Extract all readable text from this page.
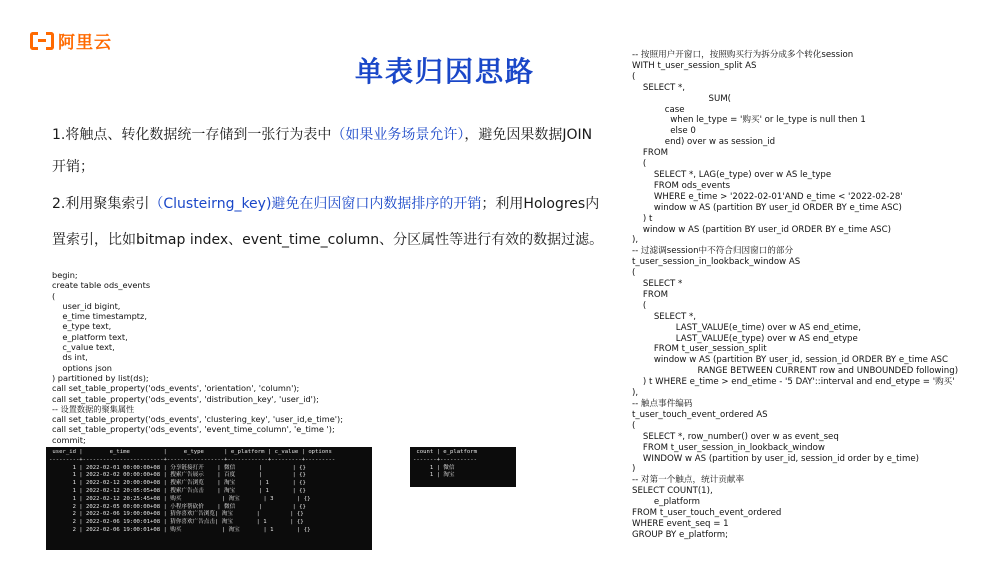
阿里云
单表归因思路
1.将触点、转化数据统一存储到一张行为表中（如果业务场景允许），避免因果数据JOIN
开销；
2.利用聚集索引（Clusteirng_key)避免在归因窗口内数据排序的开销；利用Hologres内
置索引，比如bitmap index、event_time_column、分区属性等进行有效的数据过滤。
begin;
create table ods_events
(
user_id bigint,
e_time timestamptz,
e_type text,
e_platform text,
c_value text,
ds int,
options json
) partitioned by list(ds);
call set_table_property('ods_events', 'orientation', 'column');
call set_table_property('ods_events', 'distribution_key', 'user_id');
-- 设置数据的聚集属性
call set_table_property('ods_events', 'clustering_key', 'user_id,e_time');
call set_table_property('ods_events', 'event_time_column', 'e_time ');
commit;
user_id |        e_time          |     e_type      | e_platform | c_value | options
---------+------------------------+-----------------+------------+---------+---------
1 | 2022-02-01 00:00:00+08 | 分享链接打开    | 微信       |         | {}
1 | 2022-02-02 00:00:00+08 | 搜索广告展示    | 百度       |         | {}
1 | 2022-02-12 20:00:00+08 | 搜索广告浏览    | 淘宝       | 1       | {}
1 | 2022-02-12 20:05:05+08 | 搜索广告点击    | 淘宝       | 1       | {}
1 | 2022-02-12 20:25:45+08 | 购买            | 淘宝       | 3       | {}
2 | 2022-02-05 00:00:00+08 | 小程序帮砍价    | 微信       |         | {}
2 | 2022-02-06 19:00:00+08 | 猜你喜欢广告浏览| 淘宝       |         | {}
2 | 2022-02-06 19:00:01+08 | 猜你喜欢广告点击| 淘宝       | 1       | {}
2 | 2022-02-06 19:00:01+08 | 购买            | 淘宝       | 1       | {}
count | e_platform
-------+-----------
1 | 微信
1 | 淘宝
-- 按照用户开窗口，按照购买行为拆分成多个转化session
WITH t_user_session_split AS
(
SELECT *,
SUM(
case
when le_type = '购买' or le_type is null then 1
else 0
end) over w as session_id
FROM
(
SELECT *, LAG(e_type) over w AS le_type
FROM ods_events
WHERE e_time > '2022-02-01'AND e_time < '2022-02-28'
window w AS (partition BY user_id ORDER BY e_time ASC)
) t
window w AS (partition BY user_id ORDER BY e_time ASC)
),
-- 过滤调session中不符合归因窗口的部分
t_user_session_in_lookback_window AS
(
SELECT *
FROM
(
SELECT *,
LAST_VALUE(e_time) over w AS end_etime,
LAST_VALUE(e_type) over w AS end_etype
FROM t_user_session_split
window w AS (partition BY user_id, session_id ORDER BY e_time ASC
RANGE BETWEEN CURRENT row and UNBOUNDED following)
) t WHERE e_time > end_etime - '5 DAY'::interval and end_etype = '购买'
),
-- 触点事件编码
t_user_touch_event_ordered AS
(
SELECT *, row_number() over w as event_seq
FROM t_user_session_in_lookback_window
WINDOW w AS (partition by user_id, session_id order by e_time)
)
-- 对第一个触点，统计贡献率
SELECT COUNT(1),
e_platform
FROM t_user_touch_event_ordered
WHERE event_seq = 1
GROUP BY e_platform;
